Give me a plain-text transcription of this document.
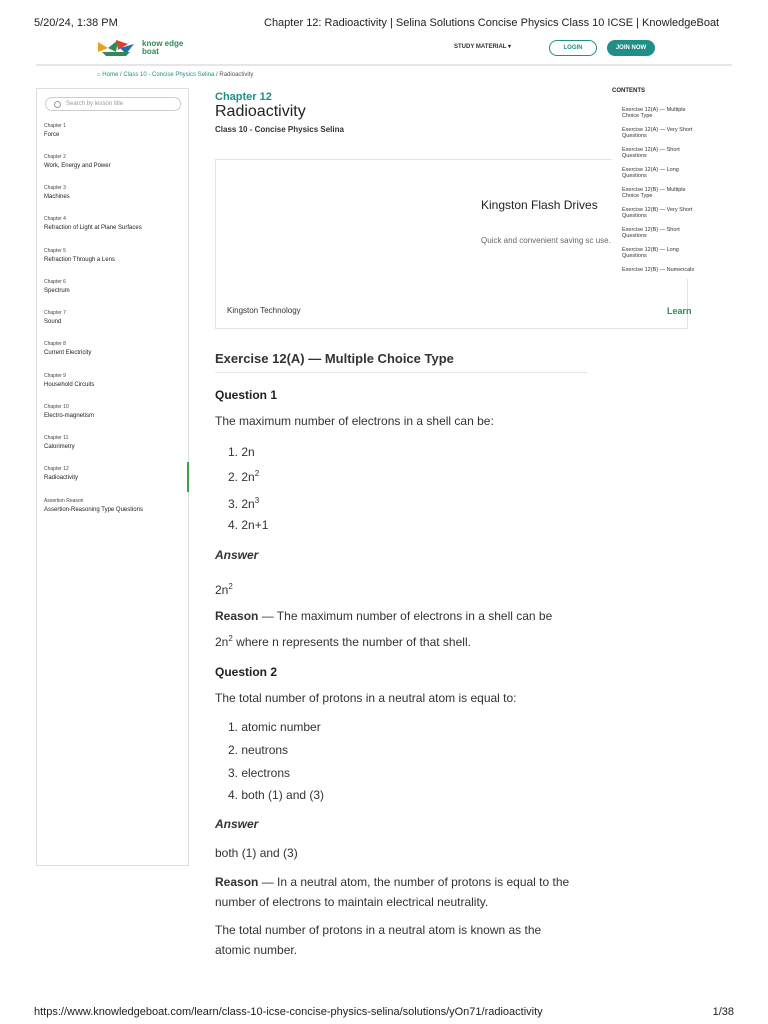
5/20/24, 1:38 PM	Chapter 12: Radioactivity | Selina Solutions Concise Physics Class 10 ICSE | KnowledgeBoat
know edge
boat	STUDY MATERIAL ▾	LOGIN	JOIN NOW
⌂ Home / Class 10 - Concise Physics Selina / Radioactivity
Search by lesson title
Chapter 1
Force
Chapter 2
Work, Energy and Power
Chapter 3
Machines
Chapter 4
Refraction of Light at Plane Surfaces
Chapter 5
Refraction Through a Lens
Chapter 6
Spectrum
Chapter 7
Sound
Chapter 8
Current Electricity
Chapter 9
Household Circuits
Chapter 10
Electro-magnetism
Chapter 11
Calorimetry
Chapter 12
Radioactivity
Assertion Reason
Assertion-Reasoning Type Questions
Chapter 12
Radioactivity
Class 10 - Concise Physics Selina
Kingston Flash Drives
Quick and convenient saving sc use.
Kingston Technology	Learn
CONTENTS
Exercise 12(A) — Multiple
Choice Type
Exercise 12(A) — Very Short
Questions
Exercise 12(A) — Short
Questions
Exercise 12(A) — Long
Questions
Exercise 12(B) — Multiple
Choice Type
Exercise 12(B) — Very Short
Questions
Exercise 12(B) — Short
Questions
Exercise 12(B) — Long
Questions
Exercise 12(B) — Numericals
Exercise 12(A) — Multiple Choice Type
Question 1
The maximum number of electrons in a shell can be:
1. 2n
2. $2n^2$
3. $2n^3$
4. 2n+1
Answer
$2n^2$
Reason — The maximum number of electrons in a shell can be
$2n^2$ where n represents the number of that shell.
Question 2
The total number of protons in a neutral atom is equal to:
1. atomic number
2. neutrons
3. electrons
4. both (1) and (3)
Answer
both (1) and (3)
Reason — In a neutral atom, the number of protons is equal to the
number of electrons to maintain electrical neutrality.
The total number of protons in a neutral atom is known as the
atomic number.
https://www.knowledgeboat.com/learn/class-10-icse-concise-physics-selina/solutions/yOn71/radioactivity	1/38
